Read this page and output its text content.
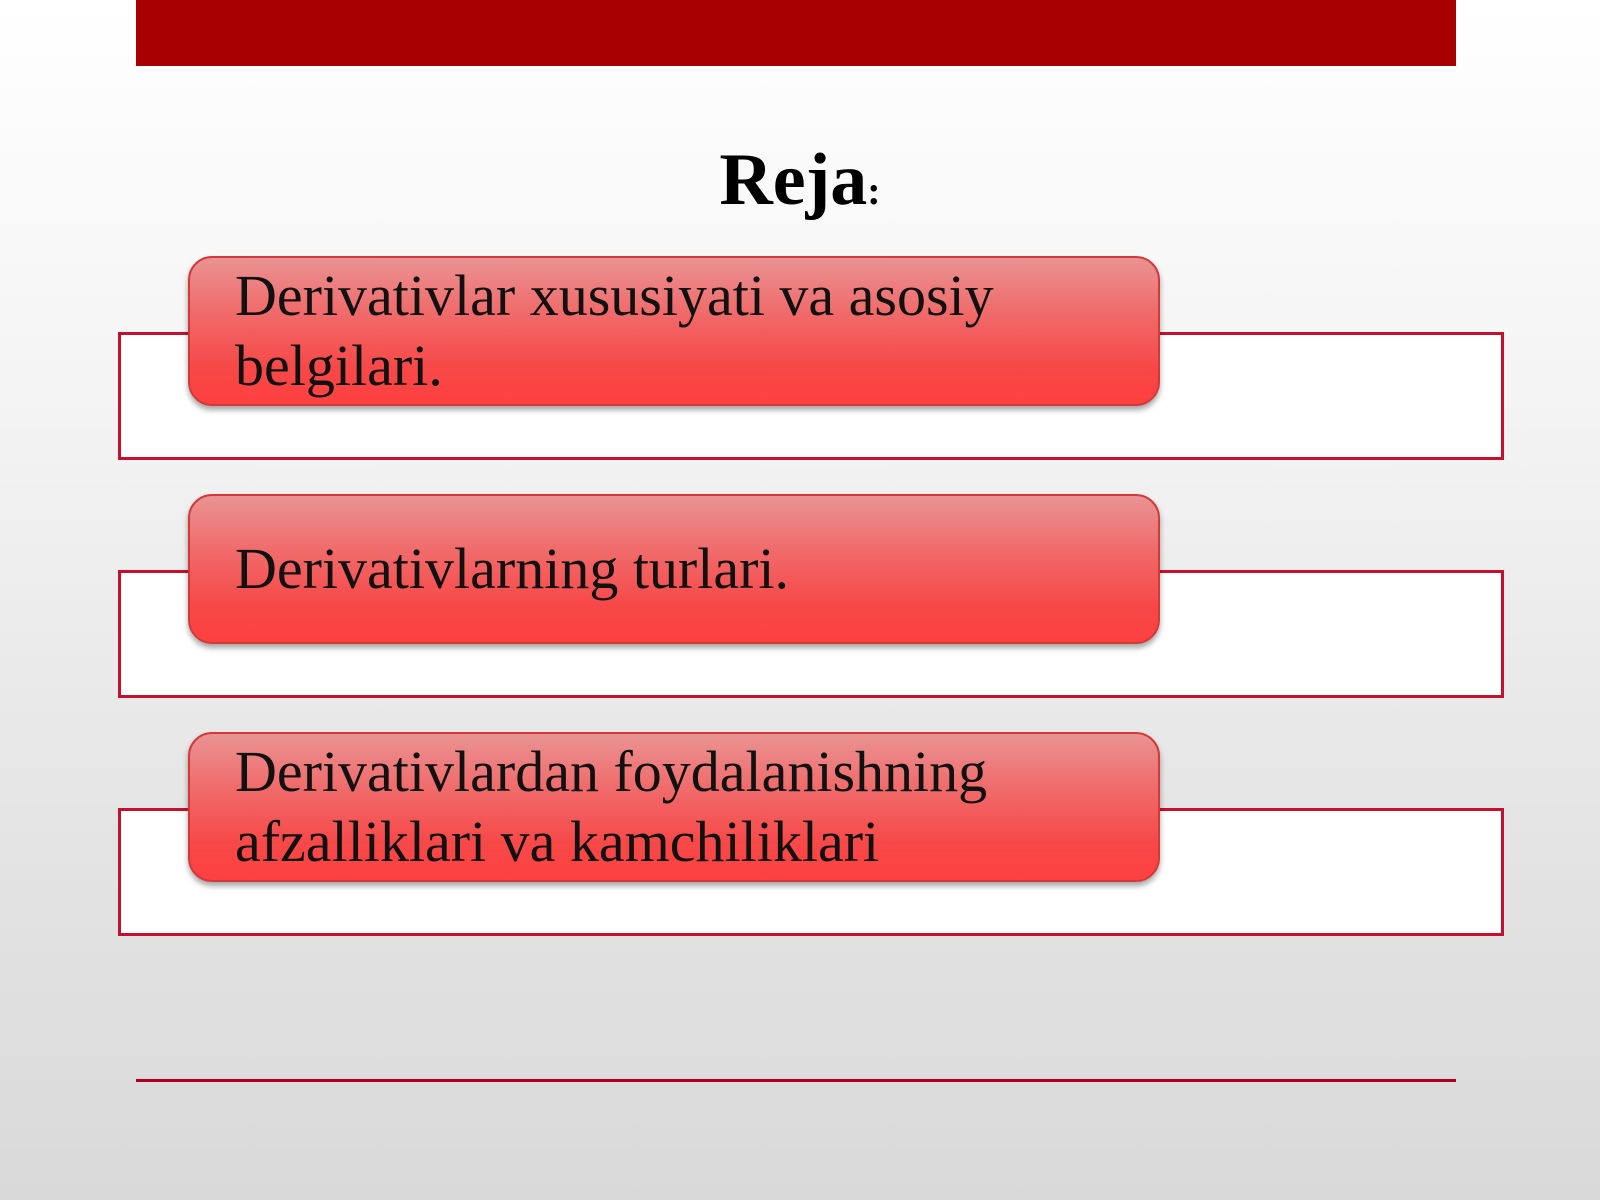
Reja:
Derivativlar xususiyati va asosiy belgilari.
Derivativlarning turlari.
Derivativlardan foydalanishning afzalliklari va kamchiliklari
